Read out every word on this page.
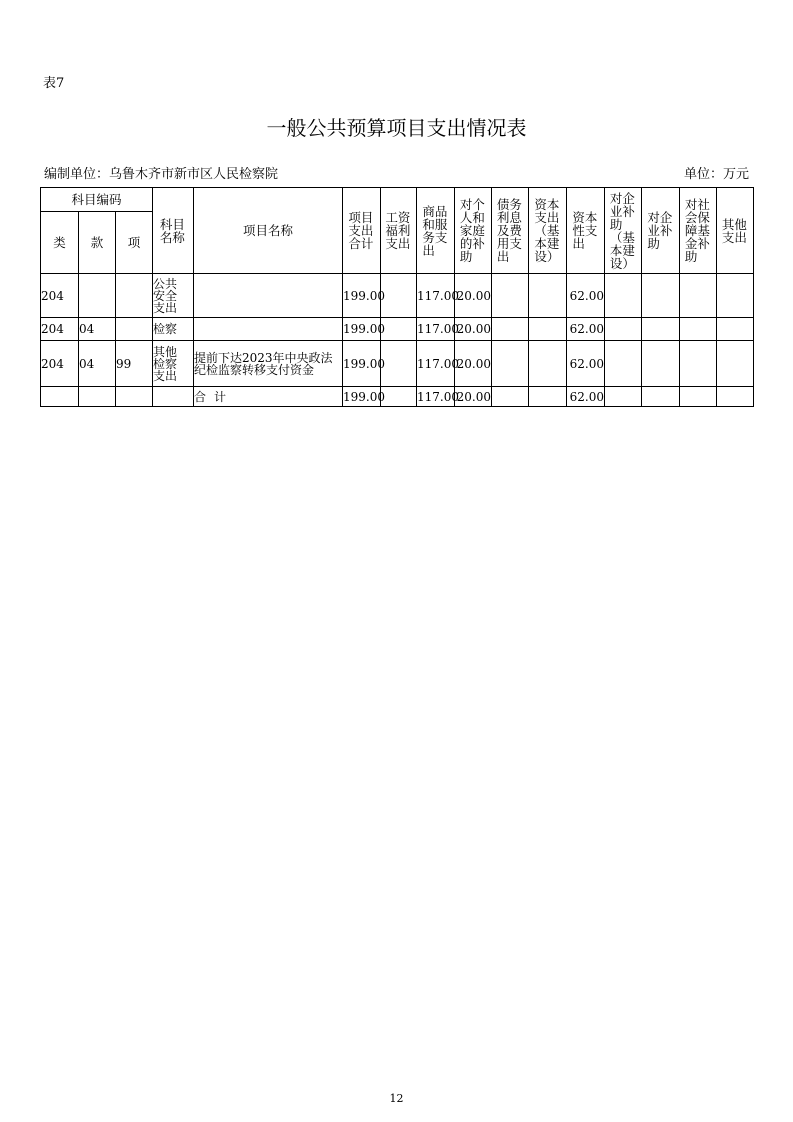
表7
一般公共预算项目支出情况表
编制单位：乌鲁木齐市新市区人民检察院	单位：万元
科目编码			科目名称	项目名称	项目支出合计	工资福利支出	商品和服务支出	对个人和家庭的补助	债务利息及费用支出	资本支出（基本建设）	资本性支出	对企业补助（基本建设）	对企业补助	对社会保障基金补助	其他支出
类	款	项													
204			公共安全支出		199.00		117.00	20.00			62.00				
204	04		检察		199.00		117.00	20.00			62.00				
204	04	99	其他检察支出	提前下达2023年中央政法纪检监察转移支付资金	199.00		117.00	20.00			62.00				
				合计	199.00		117.00	20.00			62.00				
12
